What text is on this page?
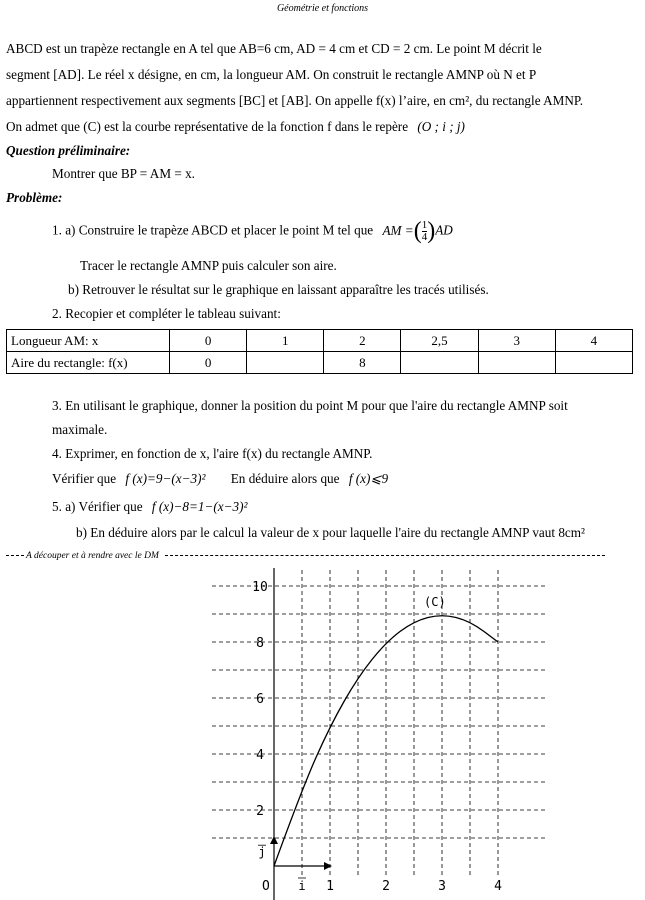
Géométrie et fonctions
ABCD est un trapèze rectangle en A tel que AB=6 cm, AD = 4 cm et CD = 2 cm. Le point M décrit le
segment [AD]. Le réel x désigne, en cm, la longueur AM. On construit le rectangle AMNP où N et P
appartiennent respectivement aux segments [BC] et [AB]. On appelle f(x) l’aire, en cm², du rectangle AMNP.
On admet que (C) est la courbe représentative de la fonction f dans le repère (O ; i ; j)
Question préliminaire:
Montrer que BP = AM = x.
Problème:
1. a) Construire le trapèze ABCD et placer le point M tel que AM =( $\frac{1}{4} )AD$
Tracer le rectangle AMNP puis calculer son aire.
b) Retrouver le résultat sur le graphique en laissant apparaître les tracés utilisés.
2. Recopier et compléter le tableau suivant:
Longueur AM: x	0	1	2	2,5	3	4
Aire du rectangle: f(x)	0		8			
3. En utilisant le graphique, donner la position du point M pour que l'aire du rectangle AMNP soit
maximale.
4. Exprimer, en fonction de x, l'aire f(x) du rectangle AMNP.
Vérifier que f (x)=9−(x−3)² En déduire alors que f (x)⩽9
5. a) Vérifier que f (x)−8=1−(x−3)²
b) En déduire alors par le calcul la valeur de x pour laquelle l'aire du rectangle AMNP vaut 8cm²
A découper et à rendre avec le DM
2
4
6
8
10
1	2	3	4
(C)
O i
j
